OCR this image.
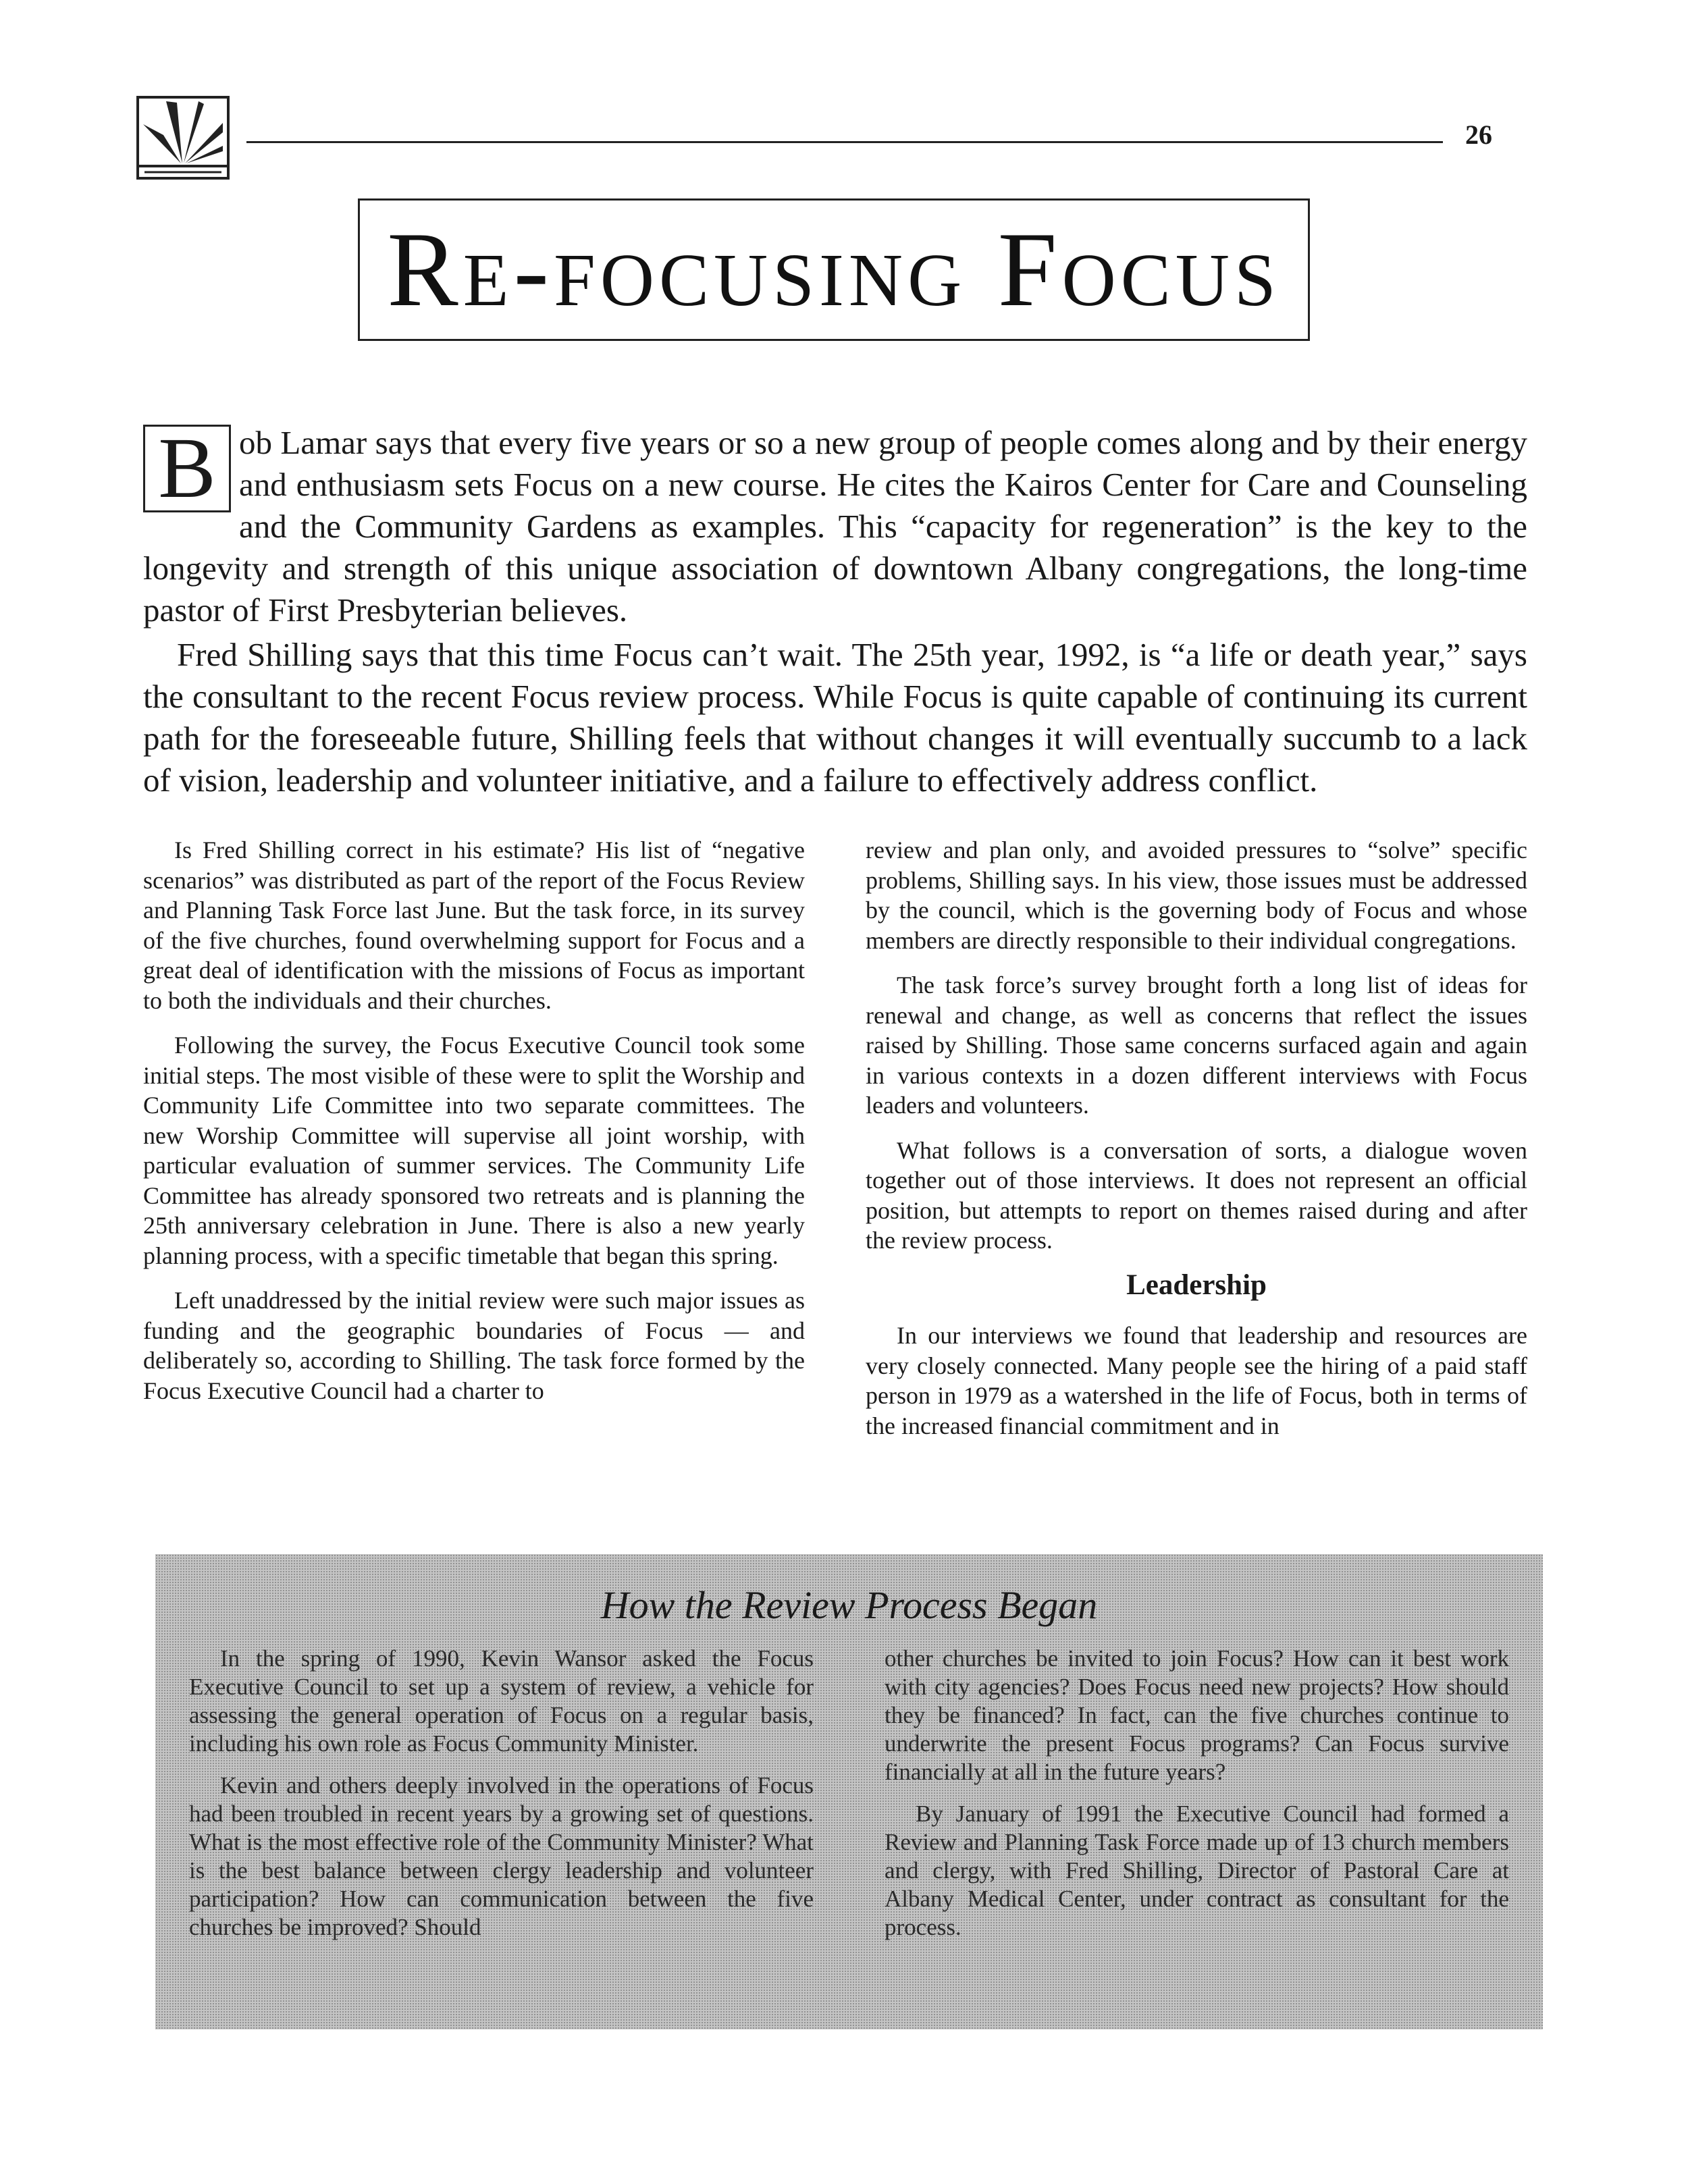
26
Re-focusing Focus

B ob Lamar says that every five years or so a new group of people comes along and by their energy and enthusiasm sets Focus on a new course. He cites the Kairos Center for Care and Counseling and the Community Gardens as examples. This “capacity for regeneration” is the key to the longevity and strength of this unique association of downtown Albany congregations, the long-time pastor of First Presbyterian believes.

Fred Shilling says that this time Focus can’t wait. The 25th year, 1992, is “a life or death year,” says the consultant to the recent Focus review process. While Focus is quite capable of continuing its current path for the foreseeable future, Shilling feels that without changes it will eventually succumb to a lack of vision, leadership and volunteer initiative, and a failure to effectively address conflict.

Is Fred Shilling correct in his estimate? His list of “negative scenarios” was distributed as part of the report of the Focus Review and Planning Task Force last June. But the task force, in its survey of the five churches, found overwhelming support for Focus and a great deal of identification with the missions of Focus as important to both the individuals and their churches.

Following the survey, the Focus Executive Council took some initial steps. The most visible of these were to split the Worship and Community Life Committee into two separate committees. The new Worship Committee will supervise all joint worship, with particular evaluation of summer services. The Community Life Committee has already sponsored two retreats and is planning the 25th anniversary celebration in June. There is also a new yearly planning process, with a specific timetable that began this spring.

Left unaddressed by the initial review were such major issues as funding and the geographic boundaries of Focus — and deliberately so, according to Shilling. The task force formed by the Focus Executive Council had a charter to

review and plan only, and avoided pressures to “solve” specific problems, Shilling says. In his view, those issues must be addressed by the council, which is the governing body of Focus and whose members are directly responsible to their individual congregations.

The task force’s survey brought forth a long list of ideas for renewal and change, as well as concerns that reflect the issues raised by Shilling. Those same concerns surfaced again and again in various contexts in a dozen different interviews with Focus leaders and volunteers.

What follows is a conversation of sorts, a dialogue woven together out of those interviews. It does not represent an official position, but attempts to report on themes raised during and after the review process.

Leadership

In our interviews we found that leadership and resources are very closely connected. Many people see the hiring of a paid staff person in 1979 as a watershed in the life of Focus, both in terms of the increased financial commitment and in

How the Review Process Began

In the spring of 1990, Kevin Wansor asked the Focus Executive Council to set up a system of review, a vehicle for assessing the general operation of Focus on a regular basis, including his own role as Focus Community Minister.

Kevin and others deeply involved in the operations of Focus had been troubled in recent years by a growing set of questions. What is the most effective role of the Community Minister? What is the best balance between clergy leadership and volunteer participation? How can communication between the five churches be improved? Should

other churches be invited to join Focus? How can it best work with city agencies? Does Focus need new projects? How should they be financed? In fact, can the five churches continue to underwrite the present Focus programs? Can Focus survive financially at all in the future years?

By January of 1991 the Executive Council had formed a Review and Planning Task Force made up of 13 church members and clergy, with Fred Shilling, Director of Pastoral Care at Albany Medical Center, under contract as consultant for the process.
